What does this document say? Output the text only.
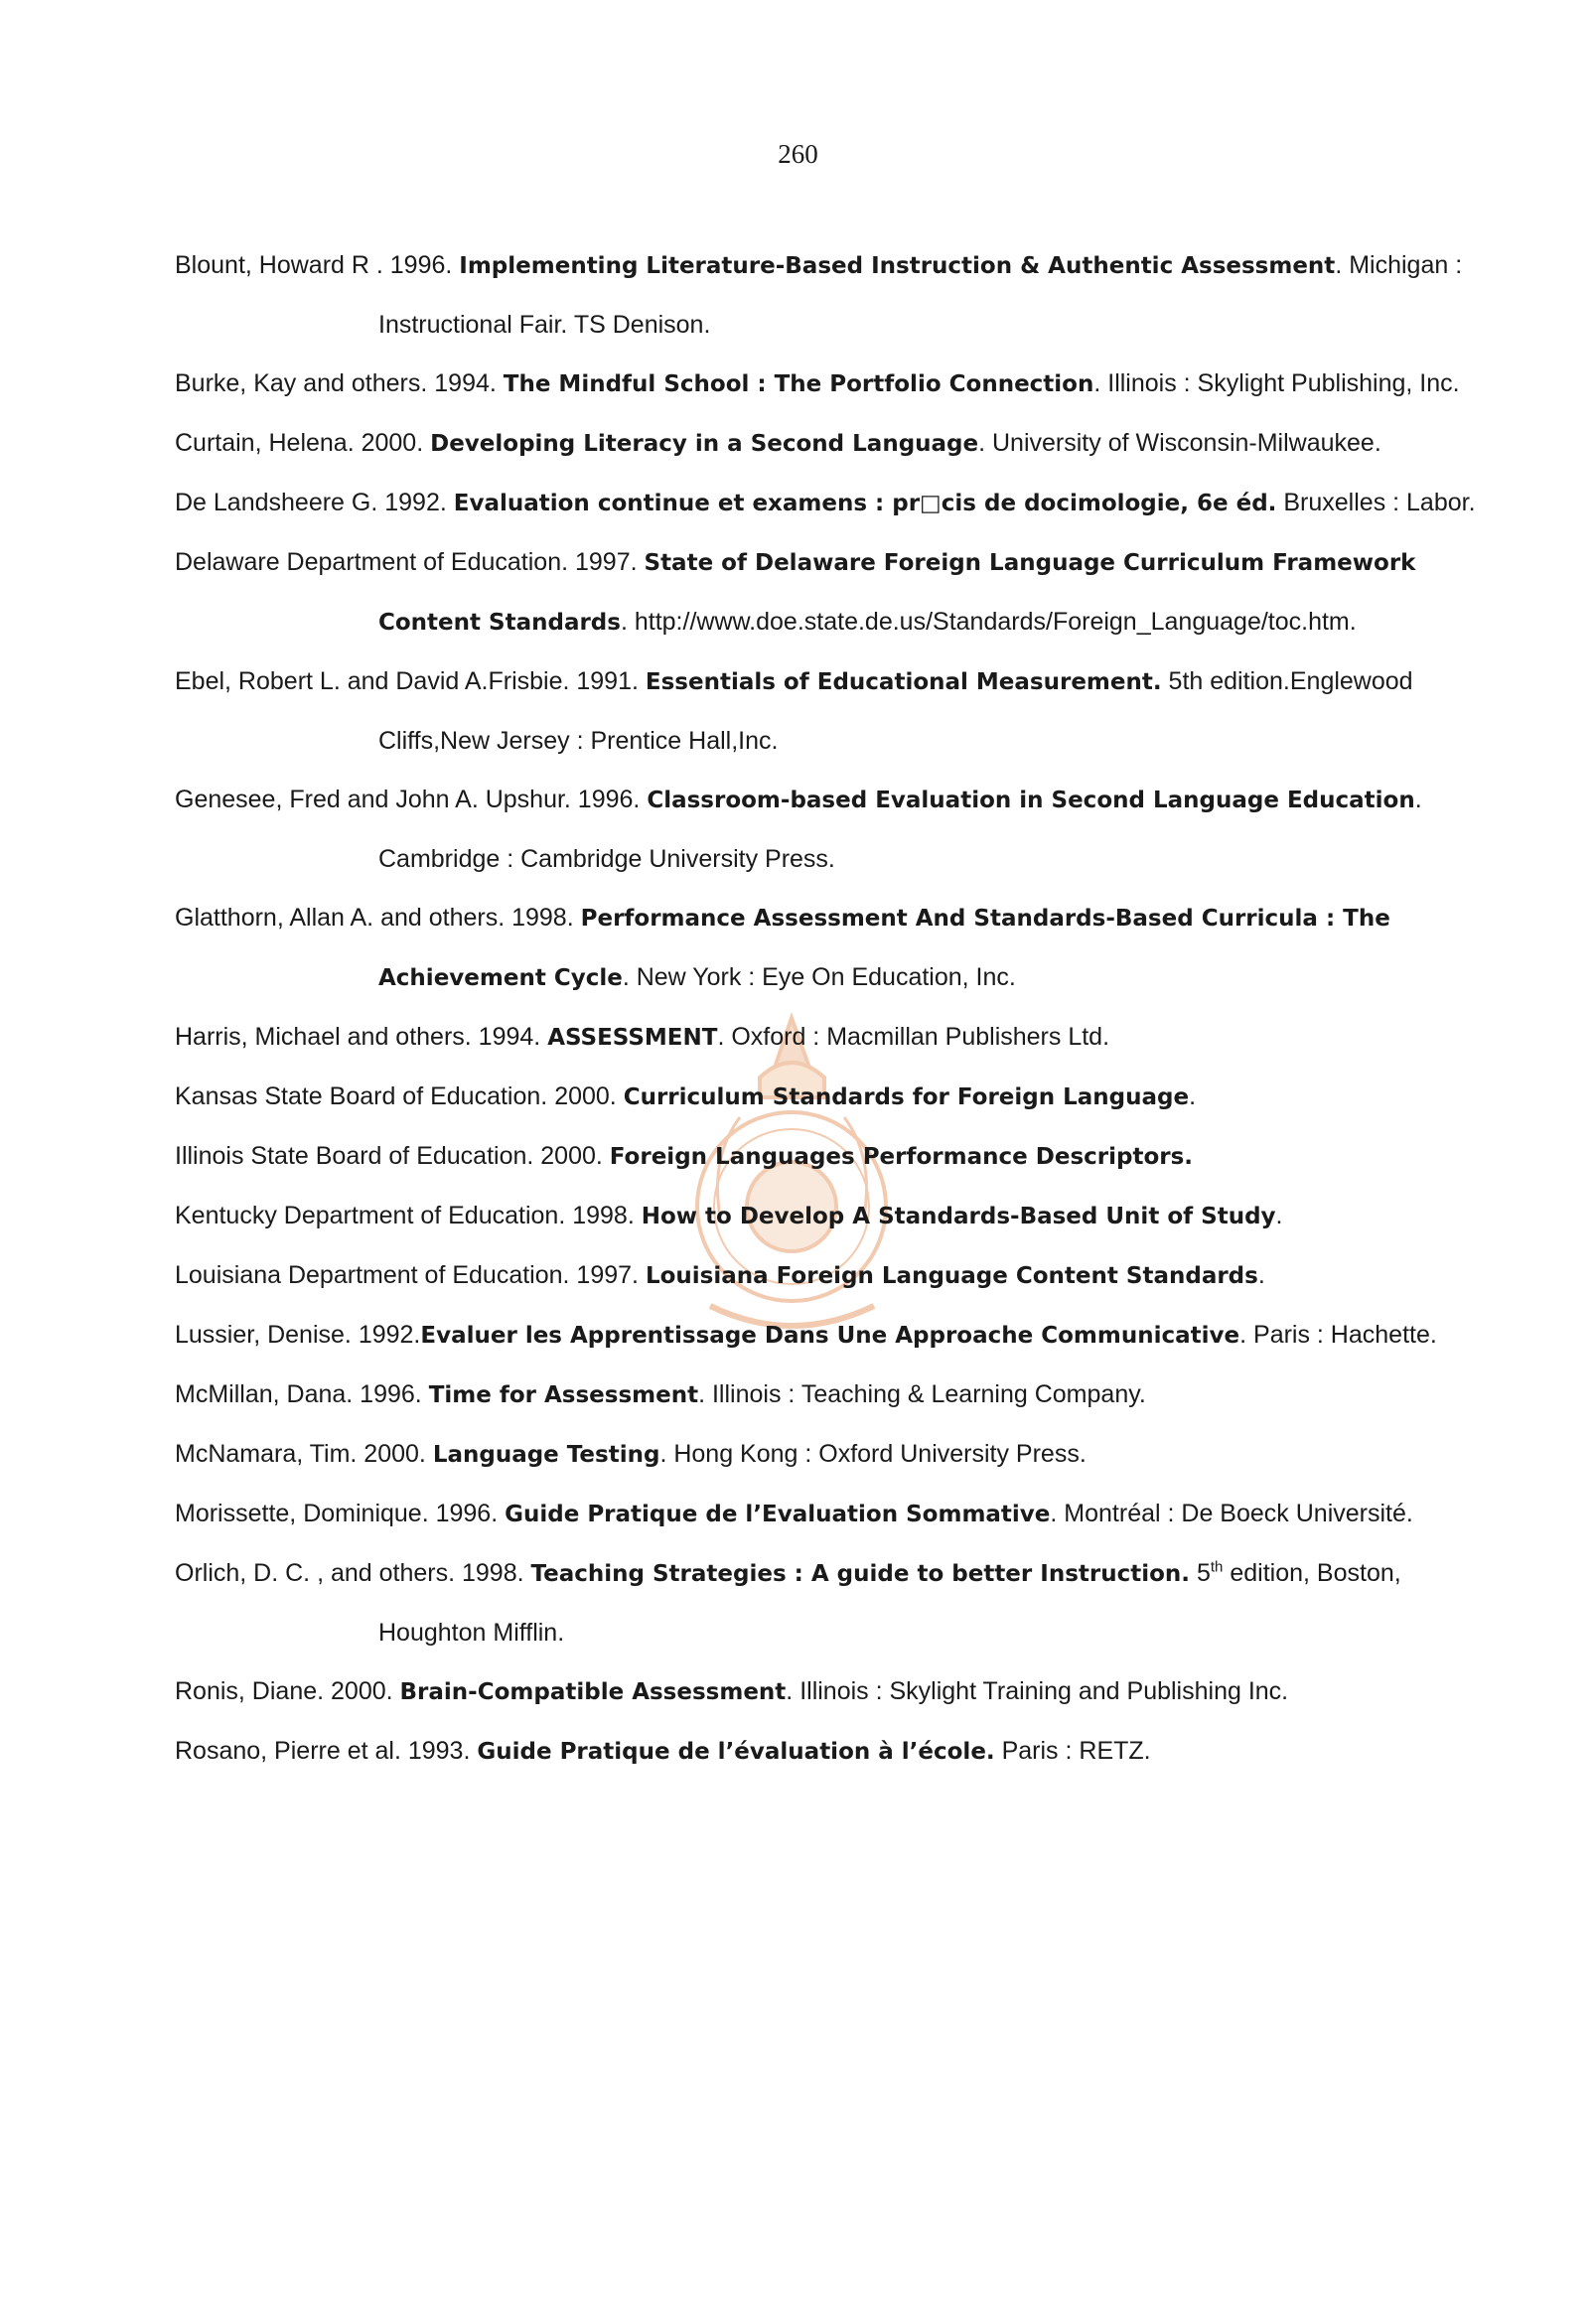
260

Blount, Howard R . 1996. Implementing Literature-Based Instruction & Authentic Assessment. Michigan : Instructional Fair. TS Denison.

Burke, Kay and others. 1994. The Mindful School : The Portfolio Connection. Illinois : Skylight Publishing, Inc.

Curtain, Helena. 2000. Developing Literacy in a Second Language. University of Wisconsin-Milwaukee.

De Landsheere G. 1992. Evaluation continue et examens : pr□cis de docimologie, 6e éd. Bruxelles : Labor.

Delaware Department of Education. 1997. State of Delaware Foreign Language Curriculum Framework Content Standards. http://www.doe.state.de.us/Standards/Foreign_Language/toc.htm.

Ebel, Robert L. and David A.Frisbie. 1991. Essentials of Educational Measurement. 5th edition.Englewood Cliffs,New Jersey : Prentice Hall,Inc.

Genesee, Fred and John A. Upshur. 1996. Classroom-based Evaluation in Second Language Education. Cambridge : Cambridge University Press.

Glatthorn, Allan A. and others. 1998. Performance Assessment And Standards-Based Curricula : The Achievement Cycle. New York : Eye On Education, Inc.

Harris, Michael and others. 1994. ASSESSMENT. Oxford : Macmillan Publishers Ltd.

Kansas State Board of Education. 2000. Curriculum Standards for Foreign Language.

Illinois State Board of Education. 2000. Foreign Languages Performance Descriptors.

Kentucky Department of Education. 1998. How to Develop A Standards-Based Unit of Study.

Louisiana Department of Education. 1997. Louisiana Foreign Language Content Standards.

Lussier, Denise. 1992.Evaluer les Apprentissage Dans Une Approache Communicative. Paris : Hachette.

McMillan, Dana. 1996. Time for Assessment. Illinois : Teaching & Learning Company.

McNamara, Tim. 2000. Language Testing. Hong Kong : Oxford University Press.

Morissette, Dominique. 1996. Guide Pratique de l’Evaluation Sommative. Montréal : De Boeck Université.

Orlich, D. C. , and others. 1998. Teaching Strategies : A guide to better Instruction. 5th edition, Boston, Houghton Mifflin.

Ronis, Diane. 2000. Brain-Compatible Assessment. Illinois : Skylight Training and Publishing Inc.

Rosano, Pierre et al. 1993. Guide Pratique de l’évaluation à l’école. Paris : RETZ.
